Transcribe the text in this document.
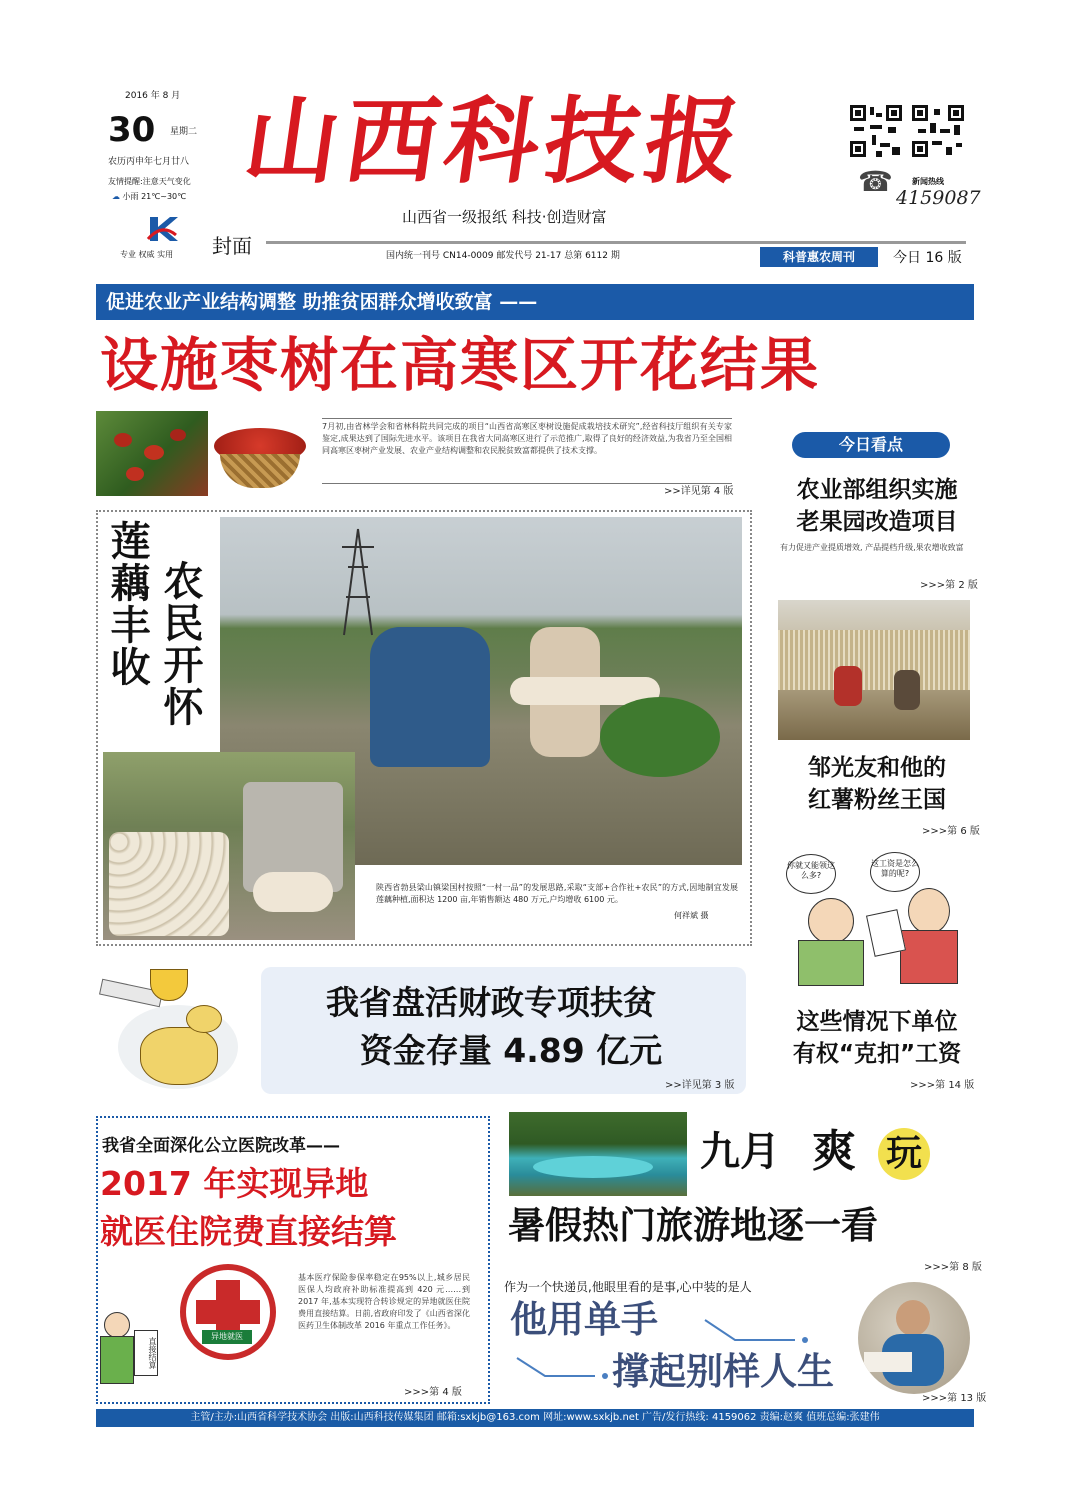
2016 年 8 月
30 星期二
农历丙申年七月廿八
友情提醒:注意天气变化
☁ 小雨 21℃~30℃ 山西科技报
山西省一级报纸 科技·创造财富
☎ 新闻热线
4159087
专业 权威 实用 封面	国内统一刊号 CN14-0009 邮发代号 21-17 总第 6112 期	科普惠农周刊	今日 16 版
促进农业产业结构调整 助推贫困群众增收致富 ——
设施枣树在高寒区开花结果
7月初,由省林学会和省林科院共同完成的项目“山西省高寒区枣树设施促成栽培技术研究”,经省科技厅组织有关专家鉴定,成果达到了国际先进水平。该项目在我省大同高寒区进行了示范推广,取得了良好的经济效益,为我省乃至全国相同高寒区枣树产业发展、农业产业结构调整和农民脱贫致富都提供了技术支撑。
>>详见第 4 版
莲藕丰收 农民开怀
陕西省勃县梁山镇梁国村按照“一村一品”的发展思路,采取“支部+合作社+农民”的方式,因地制宜发展莲藕种植,面积达 1200 亩,年销售额达 480 万元,户均增收 6100 元。
何祥斌 摄
今日看点
农业部组织实施
老果园改造项目
有力促进产业提质增效, 产品提档升级,果农增收致富
>>>第 2 版
邹光友和他的
红薯粉丝王国
>>>第 6 版
你就又能领这么多?
这工资是怎么算的呢?
这些情况下单位
有权“克扣”工资
>>>第 14 版
我省盘活财政专项扶贫
资金存量 4.89 亿元
>>详见第 3 版
我省全面深化公立医院改革——
2017 年实现异地
就医住院费直接结算
直接结算
异地就医
基本医疗保险参保率稳定在95%以上,城乡居民医保人均政府补助标准提高到 420 元……到 2017 年,基本实现符合转诊规定的异地就医住院费用直接结算。日前,省政府印发了《山西省深化医药卫生体制改革 2016 年重点工作任务》。
>>>第 4 版
九月 爽 玩
暑假热门旅游地逐一看
>>>第 8 版
作为一个快递员,他眼里看的是事,心中装的是人
他用单手
撑起别样人生
>>>第 13 版
主管/主办:山西省科学技术协会 出版:山西科技传媒集团 邮箱:sxkjb@163.com 网址:www.sxkjb.net 广告/发行热线: 4159062 责编:赵爽 值班总编:张建伟
